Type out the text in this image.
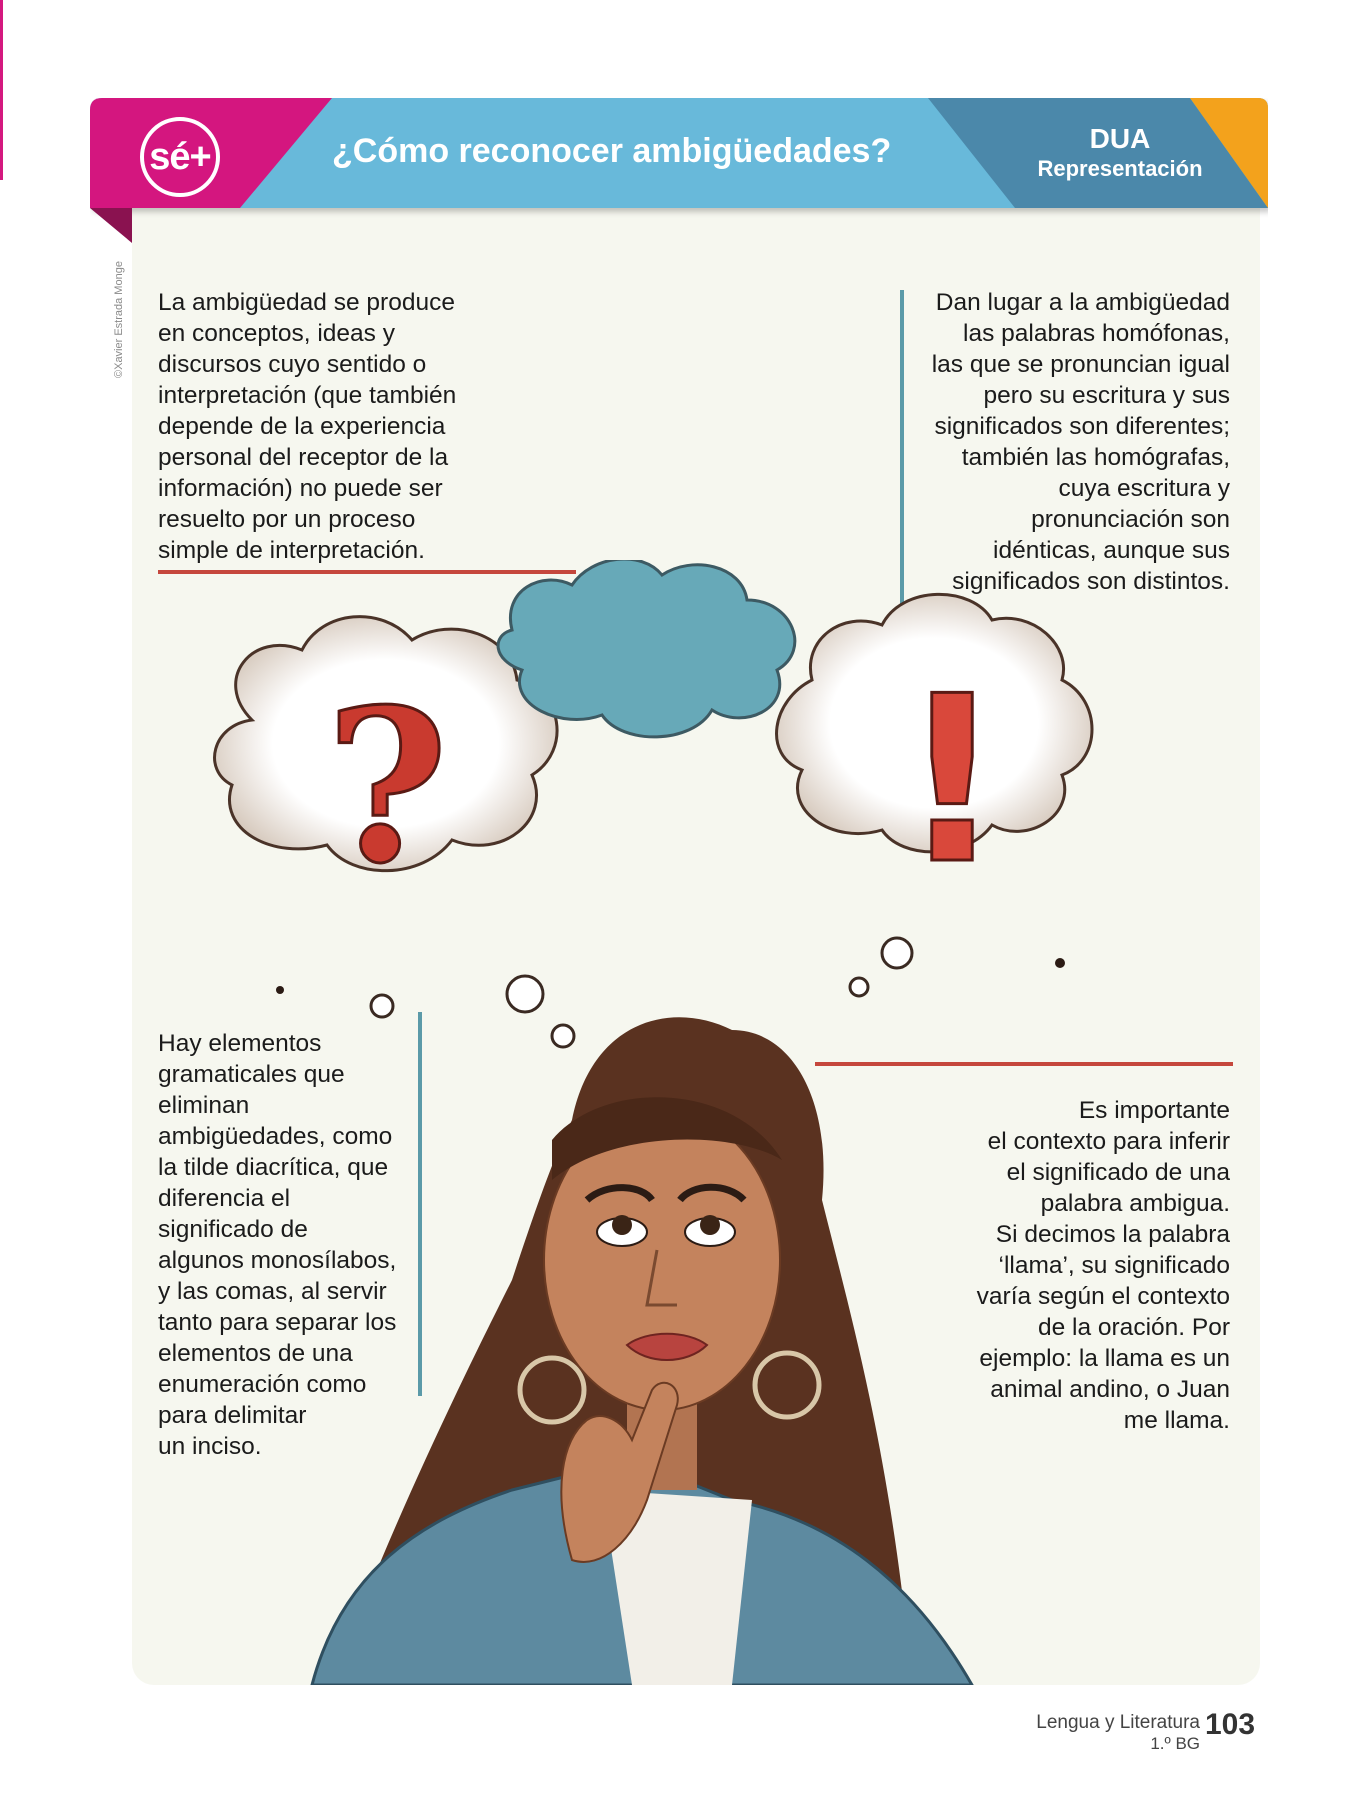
sé+	¿Cómo reconocer ambigüedades?	DUA
Representación
©Xavier Estrada Monge La ambigüedad se produce
en conceptos, ideas y
discursos cuyo sentido o
interpretación (que también
depende de la experiencia
personal del receptor de la
información) no puede ser
resuelto por un proceso
simple de interpretación.

Dan lugar a la ambigüedad
las palabras homófonas,
las que se pronuncian igual
pero su escritura y sus
significados son diferentes;
también las homógrafas,
cuya escritura y
pronunciación son
idénticas, aunque sus
significados son distintos.

? !

Hay elementos
gramaticales que
eliminan
ambigüedades, como
la tilde diacrítica, que
diferencia el
significado de
algunos monosílabos,
y las comas, al servir
tanto para separar los
elementos de una
enumeración como
para delimitar
un inciso.

Es importante
el contexto para inferir
el significado de una
palabra ambigua.
Si decimos la palabra
‘llama’, su significado
varía según el contexto
de la oración. Por
ejemplo: la llama es un
animal andino, o Juan
me llama.

Lengua y Literatura
1.º BG
103
